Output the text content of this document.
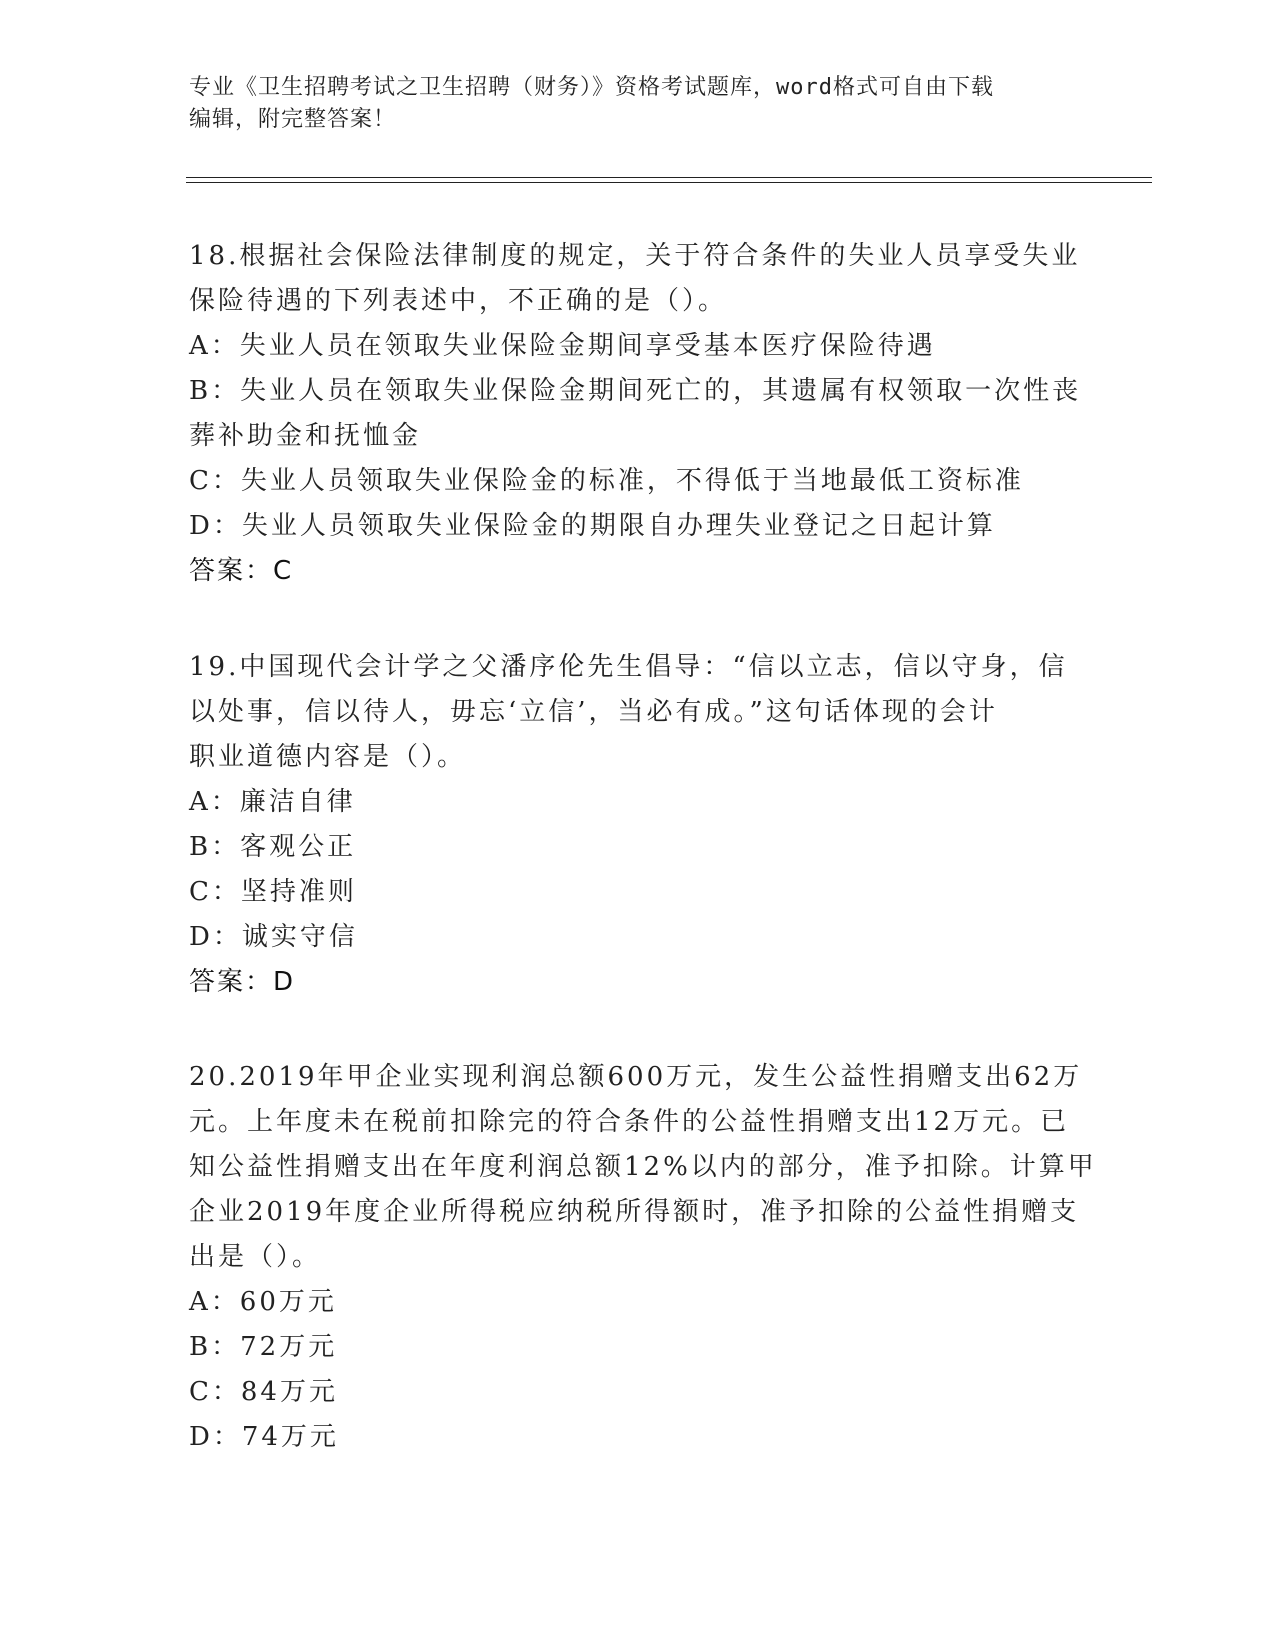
专业《卫生招聘考试之卫生招聘（财务）》资格考试题库，word格式可自由下载
编辑，附完整答案！
18.根据社会保险法律制度的规定，关于符合条件的失业人员享受失业
保险待遇的下列表述中，不正确的是（）。
A：失业人员在领取失业保险金期间享受基本医疗保险待遇
B：失业人员在领取失业保险金期间死亡的，其遗属有权领取一次性丧
葬补助金和抚恤金
C：失业人员领取失业保险金的标准，不得低于当地最低工资标准
D：失业人员领取失业保险金的期限自办理失业登记之日起计算
答案：C
19.中国现代会计学之父潘序伦先生倡导：“信以立志，信以守身，信
以处事，信以待人，毋忘‘立信’，当必有成。”这句话体现的会计
职业道德内容是（）。
A：廉洁自律
B：客观公正
C：坚持准则
D：诚实守信
答案：D
20.2019年甲企业实现利润总额600万元，发生公益性捐赠支出62万
元。上年度未在税前扣除完的符合条件的公益性捐赠支出12万元。已
知公益性捐赠支出在年度利润总额12%以内的部分，准予扣除。计算甲
企业2019年度企业所得税应纳税所得额时，准予扣除的公益性捐赠支
出是（）。
A：60万元
B：72万元
C：84万元
D：74万元
